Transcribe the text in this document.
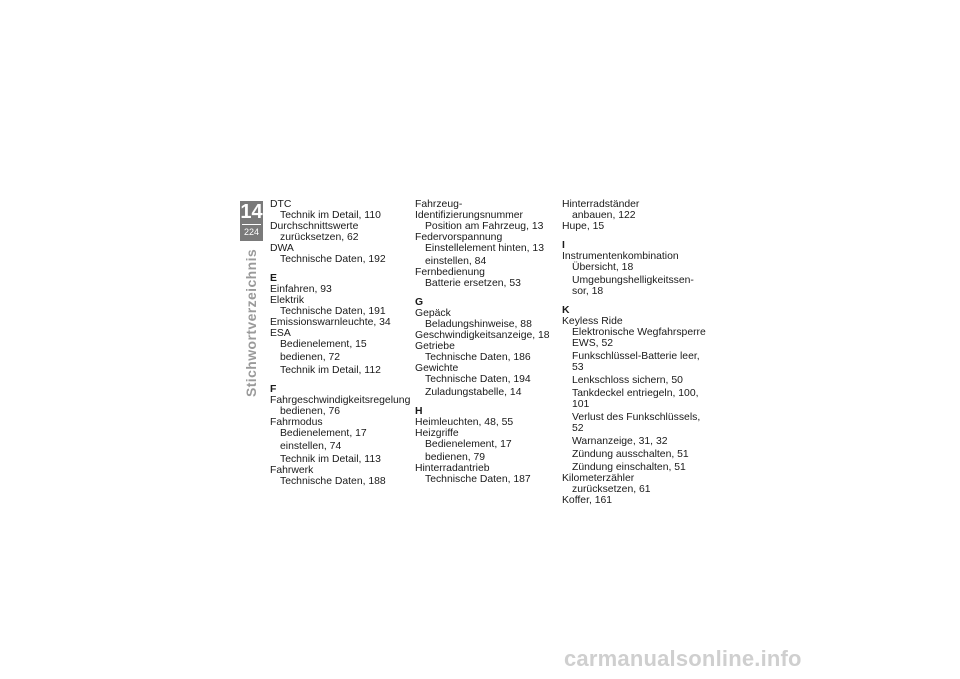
14
224
Stichwortverzeichnis
DTC
Technik im Detail, 110
Durchschnittswerte
zurücksetzen, 62
DWA
Technische Daten, 192
E
Einfahren, 93
Elektrik
Technische Daten, 191
Emissionswarnleuchte, 34
ESA
Bedienelement, 15
bedienen, 72
Technik im Detail, 112
F
Fahrgeschwindigkeitsregelung
bedienen, 76
Fahrmodus
Bedienelement, 17
einstellen, 74
Technik im Detail, 113
Fahrwerk
Technische Daten, 188
Fahrzeug-Identifizierungsnummer
Position am Fahrzeug, 13
Federvorspannung
Einstellelement hinten, 13
einstellen, 84
Fernbedienung
Batterie ersetzen, 53
G
Gepäck
Beladungshinweise, 88
Geschwindigkeitsanzeige, 18
Getriebe
Technische Daten, 186
Gewichte
Technische Daten, 194
Zuladungstabelle, 14
H
Heimleuchten, 48, 55
Heizgriffe
Bedienelement, 17
bedienen, 79
Hinterradantrieb
Technische Daten, 187
Hinterradständer
anbauen, 122
Hupe, 15
I
Instrumentenkombination
Übersicht, 18
Umgebungshelligkeitssen-
sor, 18
K
Keyless Ride
Elektronische Wegfahrsperre
EWS, 52
Funkschlüssel-Batterie leer, 53
Lenkschloss sichern, 50
Tankdeckel entriegeln, 100,
101
Verlust des Funkschlüssels, 52
Warnanzeige, 31, 32
Zündung ausschalten, 51
Zündung einschalten, 51
Kilometerzähler
zurücksetzen, 61
Koffer, 161
carmanualsonline.info
